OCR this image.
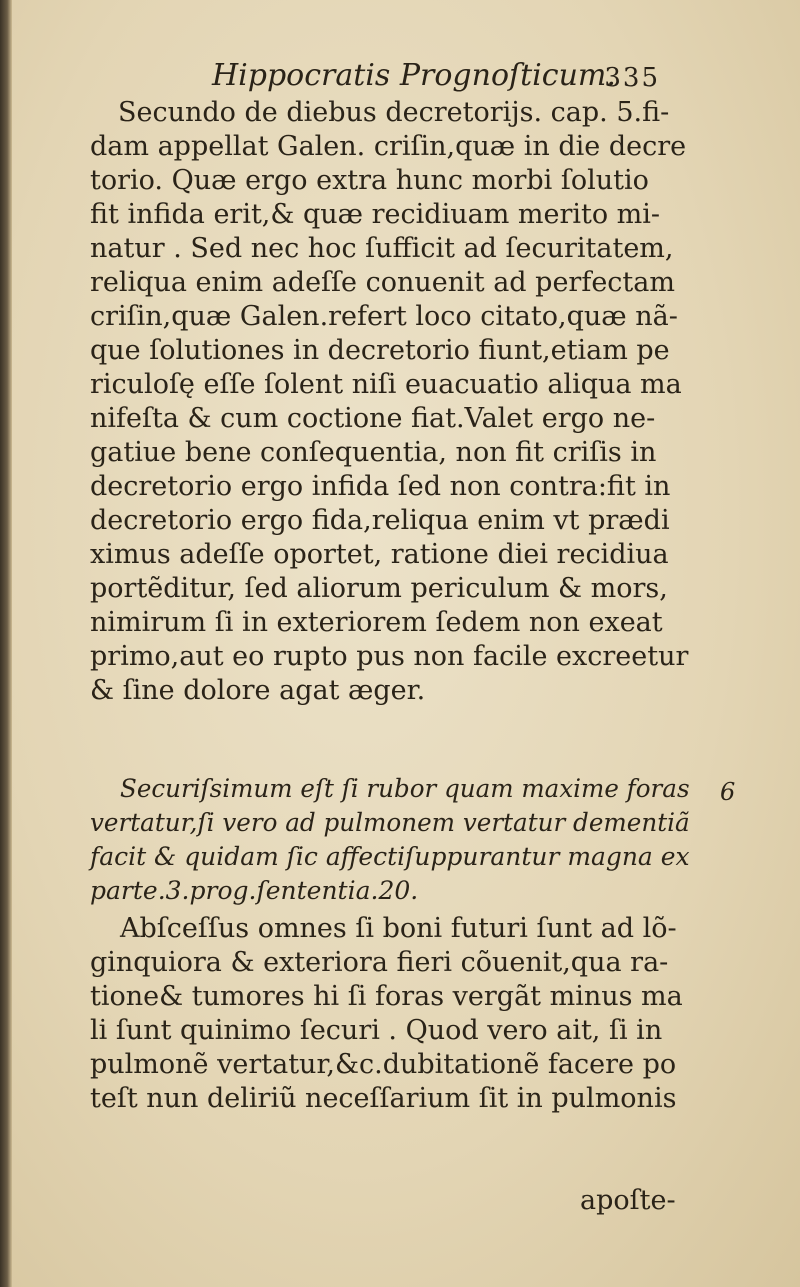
Hippocratis Prognoſticum.
335
Secundo de diebus decretorijs. cap. 5.fi-
dam appellat Galen. criſin,quæ in die decre
torio. Quæ ergo extra hunc morbi ſolutio
fit infida erit,& quæ recidiuam merito mi-
natur . Sed nec hoc ſufficit ad ſecuritatem,
reliqua enim adeſſe conuenit ad perfectam
criſin,quæ Galen.refert loco citato,quæ nã-
que ſolutiones in decretorio fiunt,etiam pe
riculoſę eſſe ſolent niſi euacuatio aliqua ma
nifeſta & cum coctione fiat.Valet ergo ne-
gatiue bene conſequentia, non fit criſis in
decretorio ergo infida ſed non contra:fit in
decretorio ergo fida,reliqua enim vt prædi
ximus adeſſe oportet, ratione diei recidiua
portẽditur, ſed aliorum periculum & mors,
nimirum ſi in exteriorem ſedem non exeat
primo,aut eo rupto pus non facile excreetur
& ſine dolore agat æger.
Securiſsimum eſt ſi rubor quam maxime foras
vertatur,ſi vero ad pulmonem vertatur dementiã
facit & quidam ſic affectiſuppurantur magna ex
parte.3.prog.ſententia.20.
6
Abſceſſus omnes ſi boni futuri ſunt ad lõ-
ginquiora & exteriora fieri cõuenit,qua ra-
tione& tumores hi ſi foras vergãt minus ma
li ſunt quinimo ſecuri . Quod vero ait, ſi in
pulmonẽ vertatur,&c.dubitationẽ facere po
teſt nun deliriũ neceſſarium ſit in pulmonis
apoſte-
